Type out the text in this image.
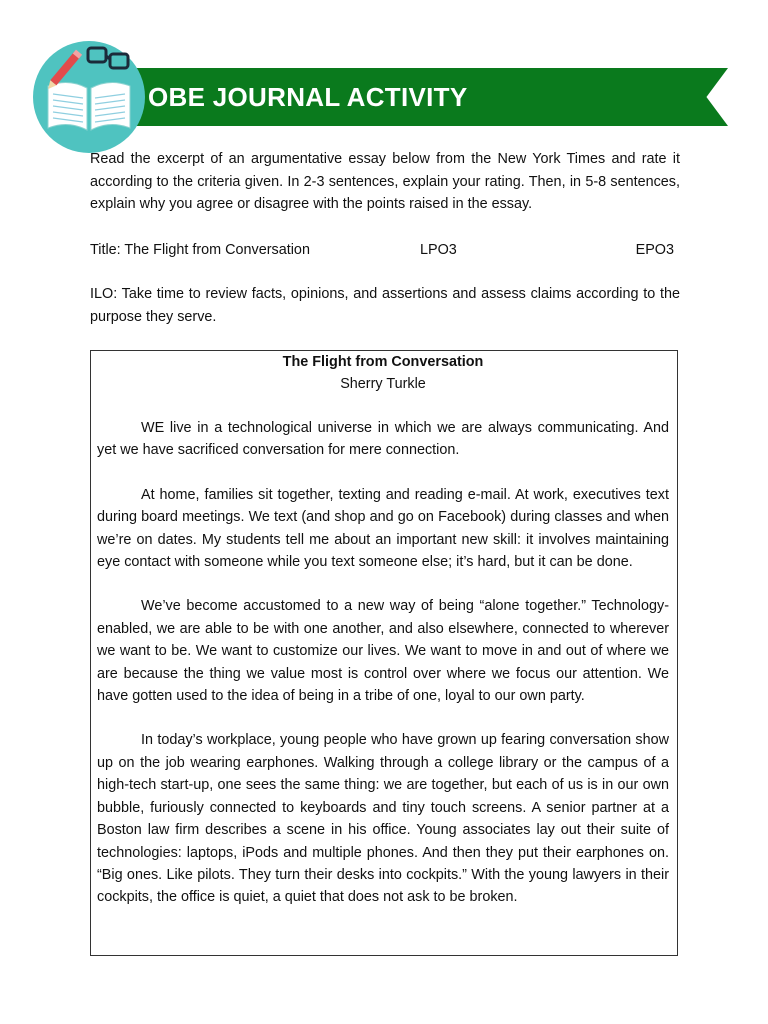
OBE JOURNAL ACTIVITY

Read the excerpt of an argumentative essay below from the New York Times and rate it according to the criteria given. In 2-3 sentences, explain your rating. Then, in 5-8 sentences, explain why you agree or disagree with the points raised in the essay.

Title: The Flight from Conversation	LPO3	EPO3
ILO: Take time to review facts, opinions, and assertions and assess claims according to the purpose they serve.
The Flight from Conversation
Sherry Turkle

WE live in a technological universe in which we are always communicating. And yet we have sacrificed conversation for mere connection.

At home, families sit together, texting and reading e-mail. At work, executives text during board meetings. We text (and shop and go on Facebook) during classes and when we’re on dates. My students tell me about an important new skill: it involves maintaining eye contact with someone while you text someone else; it’s hard, but it can be done.

We’ve become accustomed to a new way of being “alone together.” Technology-enabled, we are able to be with one another, and also elsewhere, connected to wherever we want to be. We want to customize our lives. We want to move in and out of where we are because the thing we value most is control over where we focus our attention. We have gotten used to the idea of being in a tribe of one, loyal to our own party.

In today’s workplace, young people who have grown up fearing conversation show up on the job wearing earphones. Walking through a college library or the campus of a high-tech start-up, one sees the same thing: we are together, but each of us is in our own bubble, furiously connected to keyboards and tiny touch screens. A senior partner at a Boston law firm describes a scene in his office. Young associates lay out their suite of technologies: laptops, iPods and multiple phones. And then they put their earphones on. “Big ones. Like pilots. They turn their desks into cockpits.” With the young lawyers in their cockpits, the office is quiet, a quiet that does not ask to be broken.
